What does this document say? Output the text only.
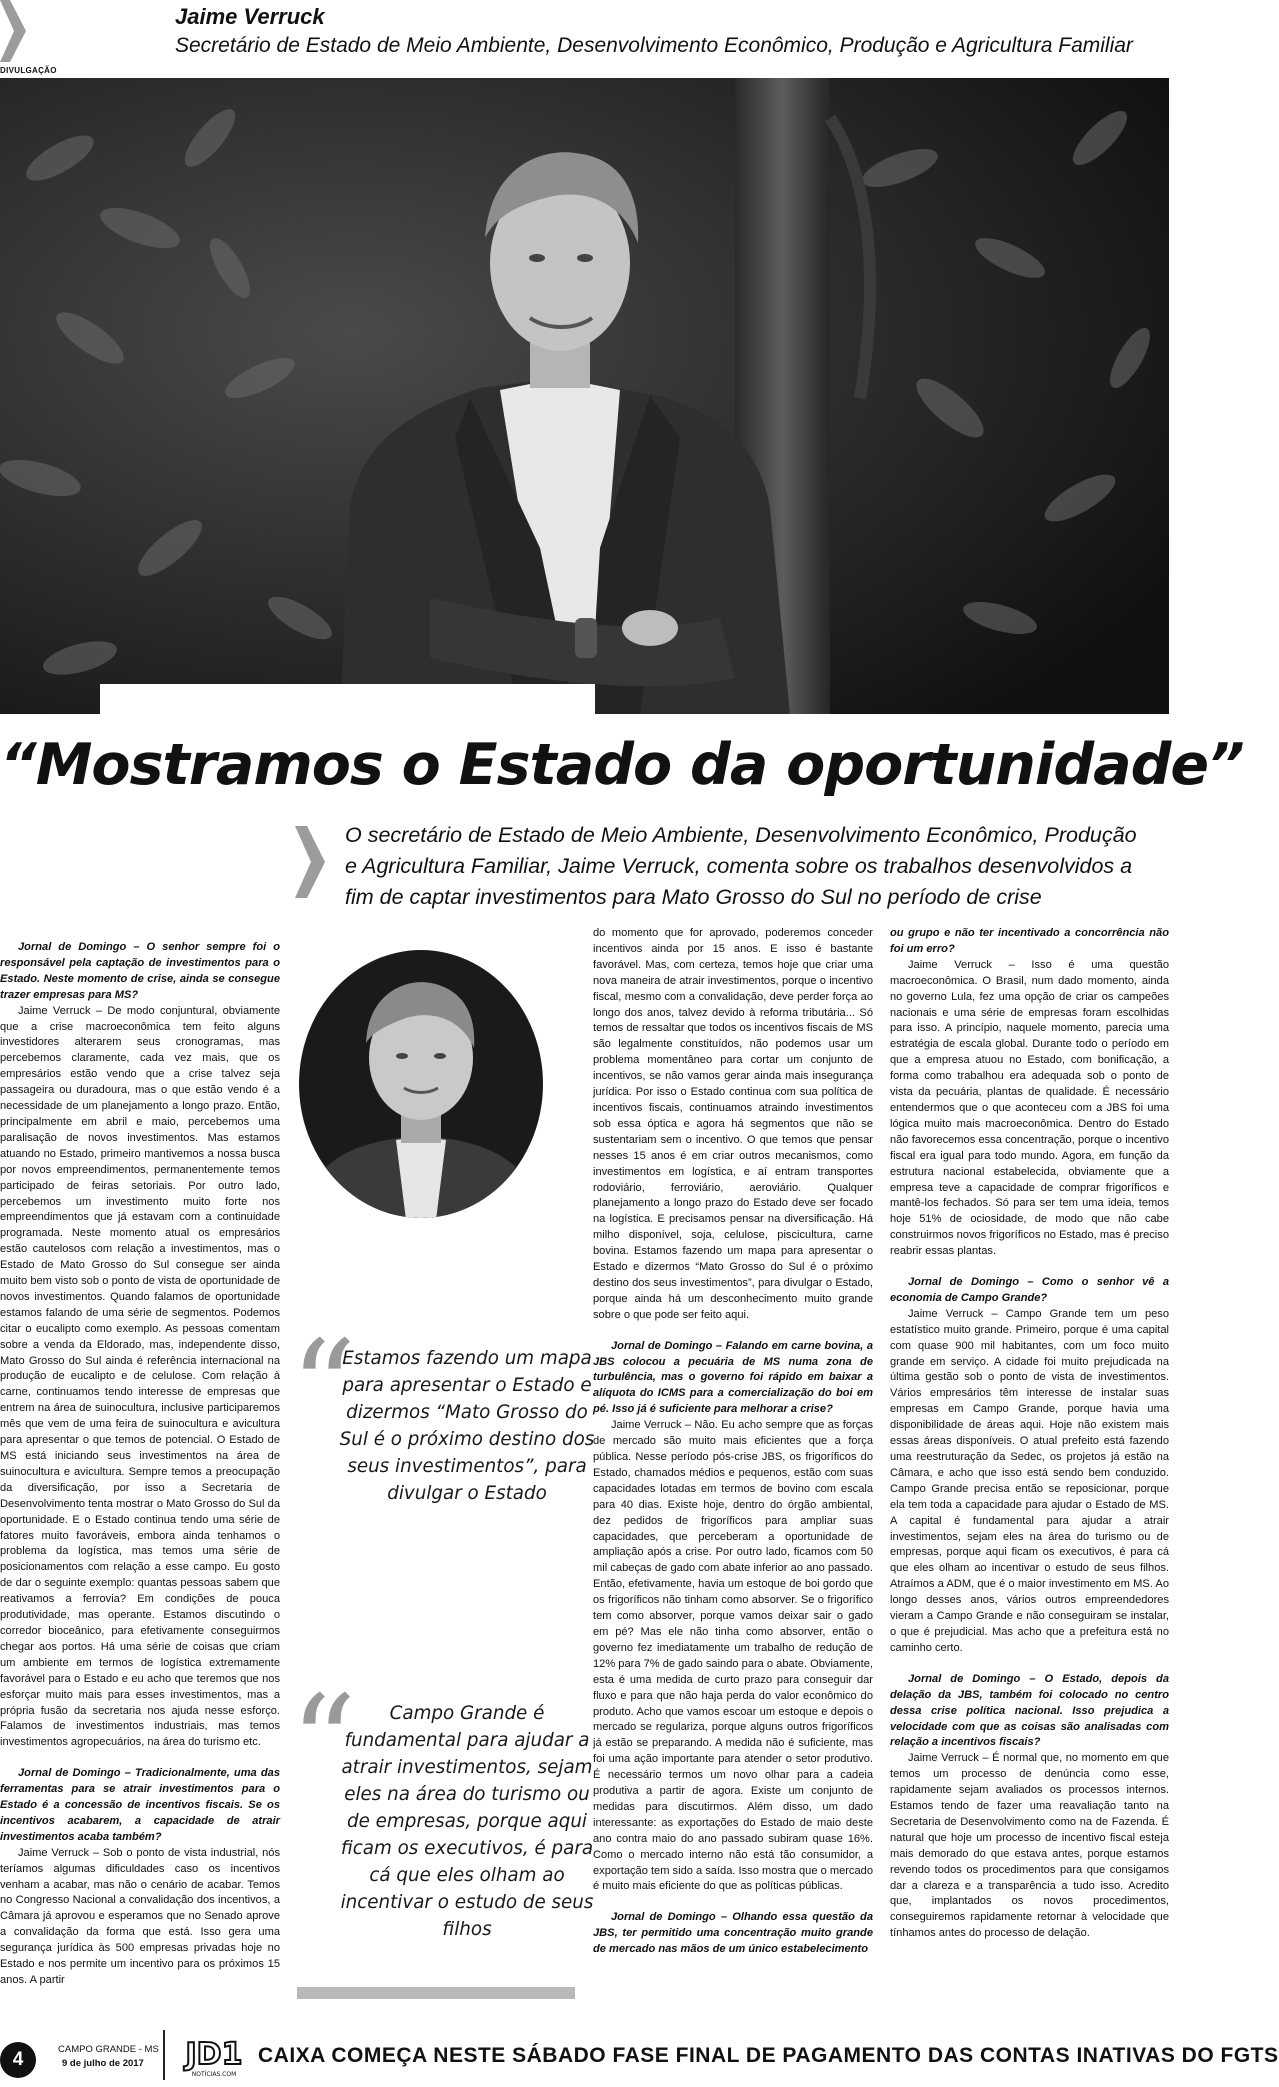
Jaime Verruck
Secretário de Estado de Meio Ambiente, Desenvolvimento Econômico, Produção e Agricultura Familiar
DIVULGAÇÃO
“Mostramos o Estado da oportunidade”

O secretário de Estado de Meio Ambiente, Desenvolvimento Econômico, Produção e Agricultura Familiar, Jaime Verruck, comenta sobre os trabalhos desenvolvidos a fim de captar investimentos para Mato Grosso do Sul no período de crise

Jornal de Domingo – O senhor sempre foi o responsável pela captação de investimentos para o Estado. Neste momento de crise, ainda se consegue trazer empresas para MS?

Jaime Verruck – De modo conjuntural, obviamente que a crise macroeconômica tem feito alguns investidores alterarem seus cronogramas, mas percebemos claramente, cada vez mais, que os empresários estão vendo que a crise talvez seja passageira ou duradoura, mas o que estão vendo é a necessidade de um planejamento a longo prazo. Então, principalmente em abril e maio, percebemos uma paralisação de novos investimentos. Mas estamos atuando no Estado, primeiro mantivemos a nossa busca por novos empreendimentos, permanentemente temos participado de feiras setoriais. Por outro lado, percebemos um investimento muito forte nos empreendimentos que já estavam com a continuidade programada. Neste momento atual os empresários estão cautelosos com relação a investimentos, mas o Estado de Mato Grosso do Sul consegue ser ainda muito bem visto sob o ponto de vista de oportunidade de novos investimentos. Quando falamos de oportunidade estamos falando de uma série de segmentos. Podemos citar o eucalipto como exemplo. As pessoas comentam sobre a venda da Eldorado, mas, independente disso, Mato Grosso do Sul ainda é referência internacional na produção de eucalipto e de celulose. Com relação à carne, continuamos tendo interesse de empresas que entrem na área de suinocultura, inclusive participaremos mês que vem de uma feira de suinocultura e avicultura para apresentar o que temos de potencial. O Estado de MS está iniciando seus investimentos na área de suinocultura e avicultura. Sempre temos a preocupação da diversificação, por isso a Secretaria de Desenvolvimento tenta mostrar o Mato Grosso do Sul da oportunidade. E o Estado continua tendo uma série de fatores muito favoráveis, embora ainda tenhamos o problema da logística, mas temos uma série de posicionamentos com relação a esse campo. Eu gosto de dar o seguinte exemplo: quantas pessoas sabem que reativamos a ferrovia? Em condições de pouca produtividade, mas operante. Estamos discutindo o corredor bioceânico, para efetivamente conseguirmos chegar aos portos. Há uma série de coisas que criam um ambiente em termos de logística extremamente favorável para o Estado e eu acho que teremos que nos esforçar muito mais para esses investimentos, mas a própria fusão da secretaria nos ajuda nesse esforço. Falamos de investimentos industriais, mas temos investimentos agropecuários, na área do turismo etc.

Jornal de Domingo – Tradicionalmente, uma das ferramentas para se atrair investimentos para o Estado é a concessão de incentivos fiscais. Se os incentivos acabarem, a capacidade de atrair investimentos acaba também?

Jaime Verruck – Sob o ponto de vista industrial, nós teríamos algumas dificuldades caso os incentivos venham a acabar, mas não o cenário de acabar. Temos no Congresso Nacional a convalidação dos incentivos, a Câmara já aprovou e esperamos que no Senado aprove a convalidação da forma que está. Isso gera uma segurança jurídica às 500 empresas privadas hoje no Estado e nos permite um incentivo para os próximos 15 anos. A partir

“

Estamos fazendo um mapa para apresentar o Estado e dizermos “Mato Grosso do Sul é o próximo destino dos seus investimentos”, para divulgar o Estado

“	Campo Grande é fundamental para ajudar a atrair investimentos, sejam eles na área do turismo ou de empresas, porque aqui ficam os executivos, é para cá que eles olham ao incentivar o estudo de seus filhos

do momento que for aprovado, poderemos conceder incentivos ainda por 15 anos. E isso é bastante favorável. Mas, com certeza, temos hoje que criar uma nova maneira de atrair investimentos, porque o incentivo fiscal, mesmo com a convalidação, deve perder força ao longo dos anos, talvez devido à reforma tributária... Só temos de ressaltar que todos os incentivos fiscais de MS são legalmente constituídos, não podemos usar um problema momentâneo para cortar um conjunto de incentivos, se não vamos gerar ainda mais insegurança jurídica. Por isso o Estado continua com sua política de incentivos fiscais, continuamos atraindo investimentos sob essa óptica e agora há segmentos que não se sustentariam sem o incentivo. O que temos que pensar nesses 15 anos é em criar outros mecanismos, como investimentos em logística, e aí entram transportes rodoviário, ferroviário, aeroviário. Qualquer planejamento a longo prazo do Estado deve ser focado na logística. E precisamos pensar na diversificação. Há milho disponível, soja, celulose, piscicultura, carne bovina. Estamos fazendo um mapa para apresentar o Estado e dizermos “Mato Grosso do Sul é o próximo destino dos seus investimentos”, para divulgar o Estado, porque ainda há um desconhecimento muito grande sobre o que pode ser feito aqui.

Jornal de Domingo – Falando em carne bovina, a JBS colocou a pecuária de MS numa zona de turbulência, mas o governo foi rápido em baixar a alíquota do ICMS para a comercialização do boi em pé. Isso já é suficiente para melhorar a crise?

Jaime Verruck – Não. Eu acho sempre que as forças de mercado são muito mais eficientes que a força pública. Nesse período pós-crise JBS, os frigoríficos do Estado, chamados médios e pequenos, estão com suas capacidades lotadas em termos de bovino com escala para 40 dias. Existe hoje, dentro do órgão ambiental, dez pedidos de frigoríficos para ampliar suas capacidades, que perceberam a oportunidade de ampliação após a crise. Por outro lado, ficamos com 50 mil cabeças de gado com abate inferior ao ano passado. Então, efetivamente, havia um estoque de boi gordo que os frigoríficos não tinham como absorver. Se o frigorífico tem como absorver, porque vamos deixar sair o gado em pé? Mas ele não tinha como absorver, então o governo fez imediatamente um trabalho de redução de 12% para 7% de gado saindo para o abate. Obviamente, esta é uma medida de curto prazo para conseguir dar fluxo e para que não haja perda do valor econômico do produto. Acho que vamos escoar um estoque e depois o mercado se regulariza, porque alguns outros frigoríficos já estão se preparando. A medida não é suficiente, mas foi uma ação importante para atender o setor produtivo. É necessário termos um novo olhar para a cadeia produtiva a partir de agora. Existe um conjunto de medidas para discutirmos. Além disso, um dado interessante: as exportações do Estado de maio deste ano contra maio do ano passado subiram quase 16%. Como o mercado interno não está tão consumidor, a exportação tem sido a saída. Isso mostra que o mercado é muito mais eficiente do que as políticas públicas.

Jornal de Domingo – Olhando essa questão da JBS, ter permitido uma concentração muito grande de mercado nas mãos de um único estabelecimento

ou grupo e não ter incentivado a concorrência não foi um erro?

Jaime Verruck – Isso é uma questão macroeconômica. O Brasil, num dado momento, ainda no governo Lula, fez uma opção de criar os campeões nacionais e uma série de empresas foram escolhidas para isso. A princípio, naquele momento, parecia uma estratégia de escala global. Durante todo o período em que a empresa atuou no Estado, com bonificação, a forma como trabalhou era adequada sob o ponto de vista da pecuária, plantas de qualidade. É necessário entendermos que o que aconteceu com a JBS foi uma lógica muito mais macroeconômica. Dentro do Estado não favorecemos essa concentração, porque o incentivo fiscal era igual para todo mundo. Agora, em função da estrutura nacional estabelecida, obviamente que a empresa teve a capacidade de comprar frigoríficos e mantê-los fechados. Só para ser tem uma ideia, temos hoje 51% de ociosidade, de modo que não cabe construirmos novos frigoríficos no Estado, mas é preciso reabrir essas plantas.

Jornal de Domingo – Como o senhor vê a economia de Campo Grande?

Jaime Verruck – Campo Grande tem um peso estatístico muito grande. Primeiro, porque é uma capital com quase 900 mil habitantes, com um foco muito grande em serviço. A cidade foi muito prejudicada na última gestão sob o ponto de vista de investimentos. Vários empresários têm interesse de instalar suas empresas em Campo Grande, porque havia uma disponibilidade de áreas aqui. Hoje não existem mais essas áreas disponíveis. O atual prefeito está fazendo uma reestruturação da Sedec, os projetos já estão na Câmara, e acho que isso está sendo bem conduzido. Campo Grande precisa então se reposicionar, porque ela tem toda a capacidade para ajudar o Estado de MS. A capital é fundamental para ajudar a atrair investimentos, sejam eles na área do turismo ou de empresas, porque aqui ficam os executivos, é para cá que eles olham ao incentivar o estudo de seus filhos. Atraímos a ADM, que é o maior investimento em MS. Ao longo desses anos, vários outros empreendedores vieram a Campo Grande e não conseguiram se instalar, o que é prejudicial. Mas acho que a prefeitura está no caminho certo.

Jornal de Domingo – O Estado, depois da delação da JBS, também foi colocado no centro dessa crise política nacional. Isso prejudica a velocidade com que as coisas são analisadas com relação a incentivos fiscais?

Jaime Verruck – É normal que, no momento em que temos um processo de denúncia como esse, rapidamente sejam avaliados os processos internos. Estamos tendo de fazer uma reavaliação tanto na Secretaria de Desenvolvimento como na de Fazenda. É natural que hoje um processo de incentivo fiscal esteja mais demorado do que estava antes, porque estamos revendo todos os procedimentos para que consigamos dar a clareza e a transparência a tudo isso. Acredito que, implantados os novos procedimentos, conseguiremos rapidamente retornar à velocidade que tínhamos antes do processo de delação.

4	CAMPO GRANDE - MS
9 de julho de 2017 JD1
NOTÍCIAS.COM
CAIXA COMEÇA NESTE SÁBADO FASE FINAL DE PAGAMENTO DAS CONTAS INATIVAS DO FGTS
